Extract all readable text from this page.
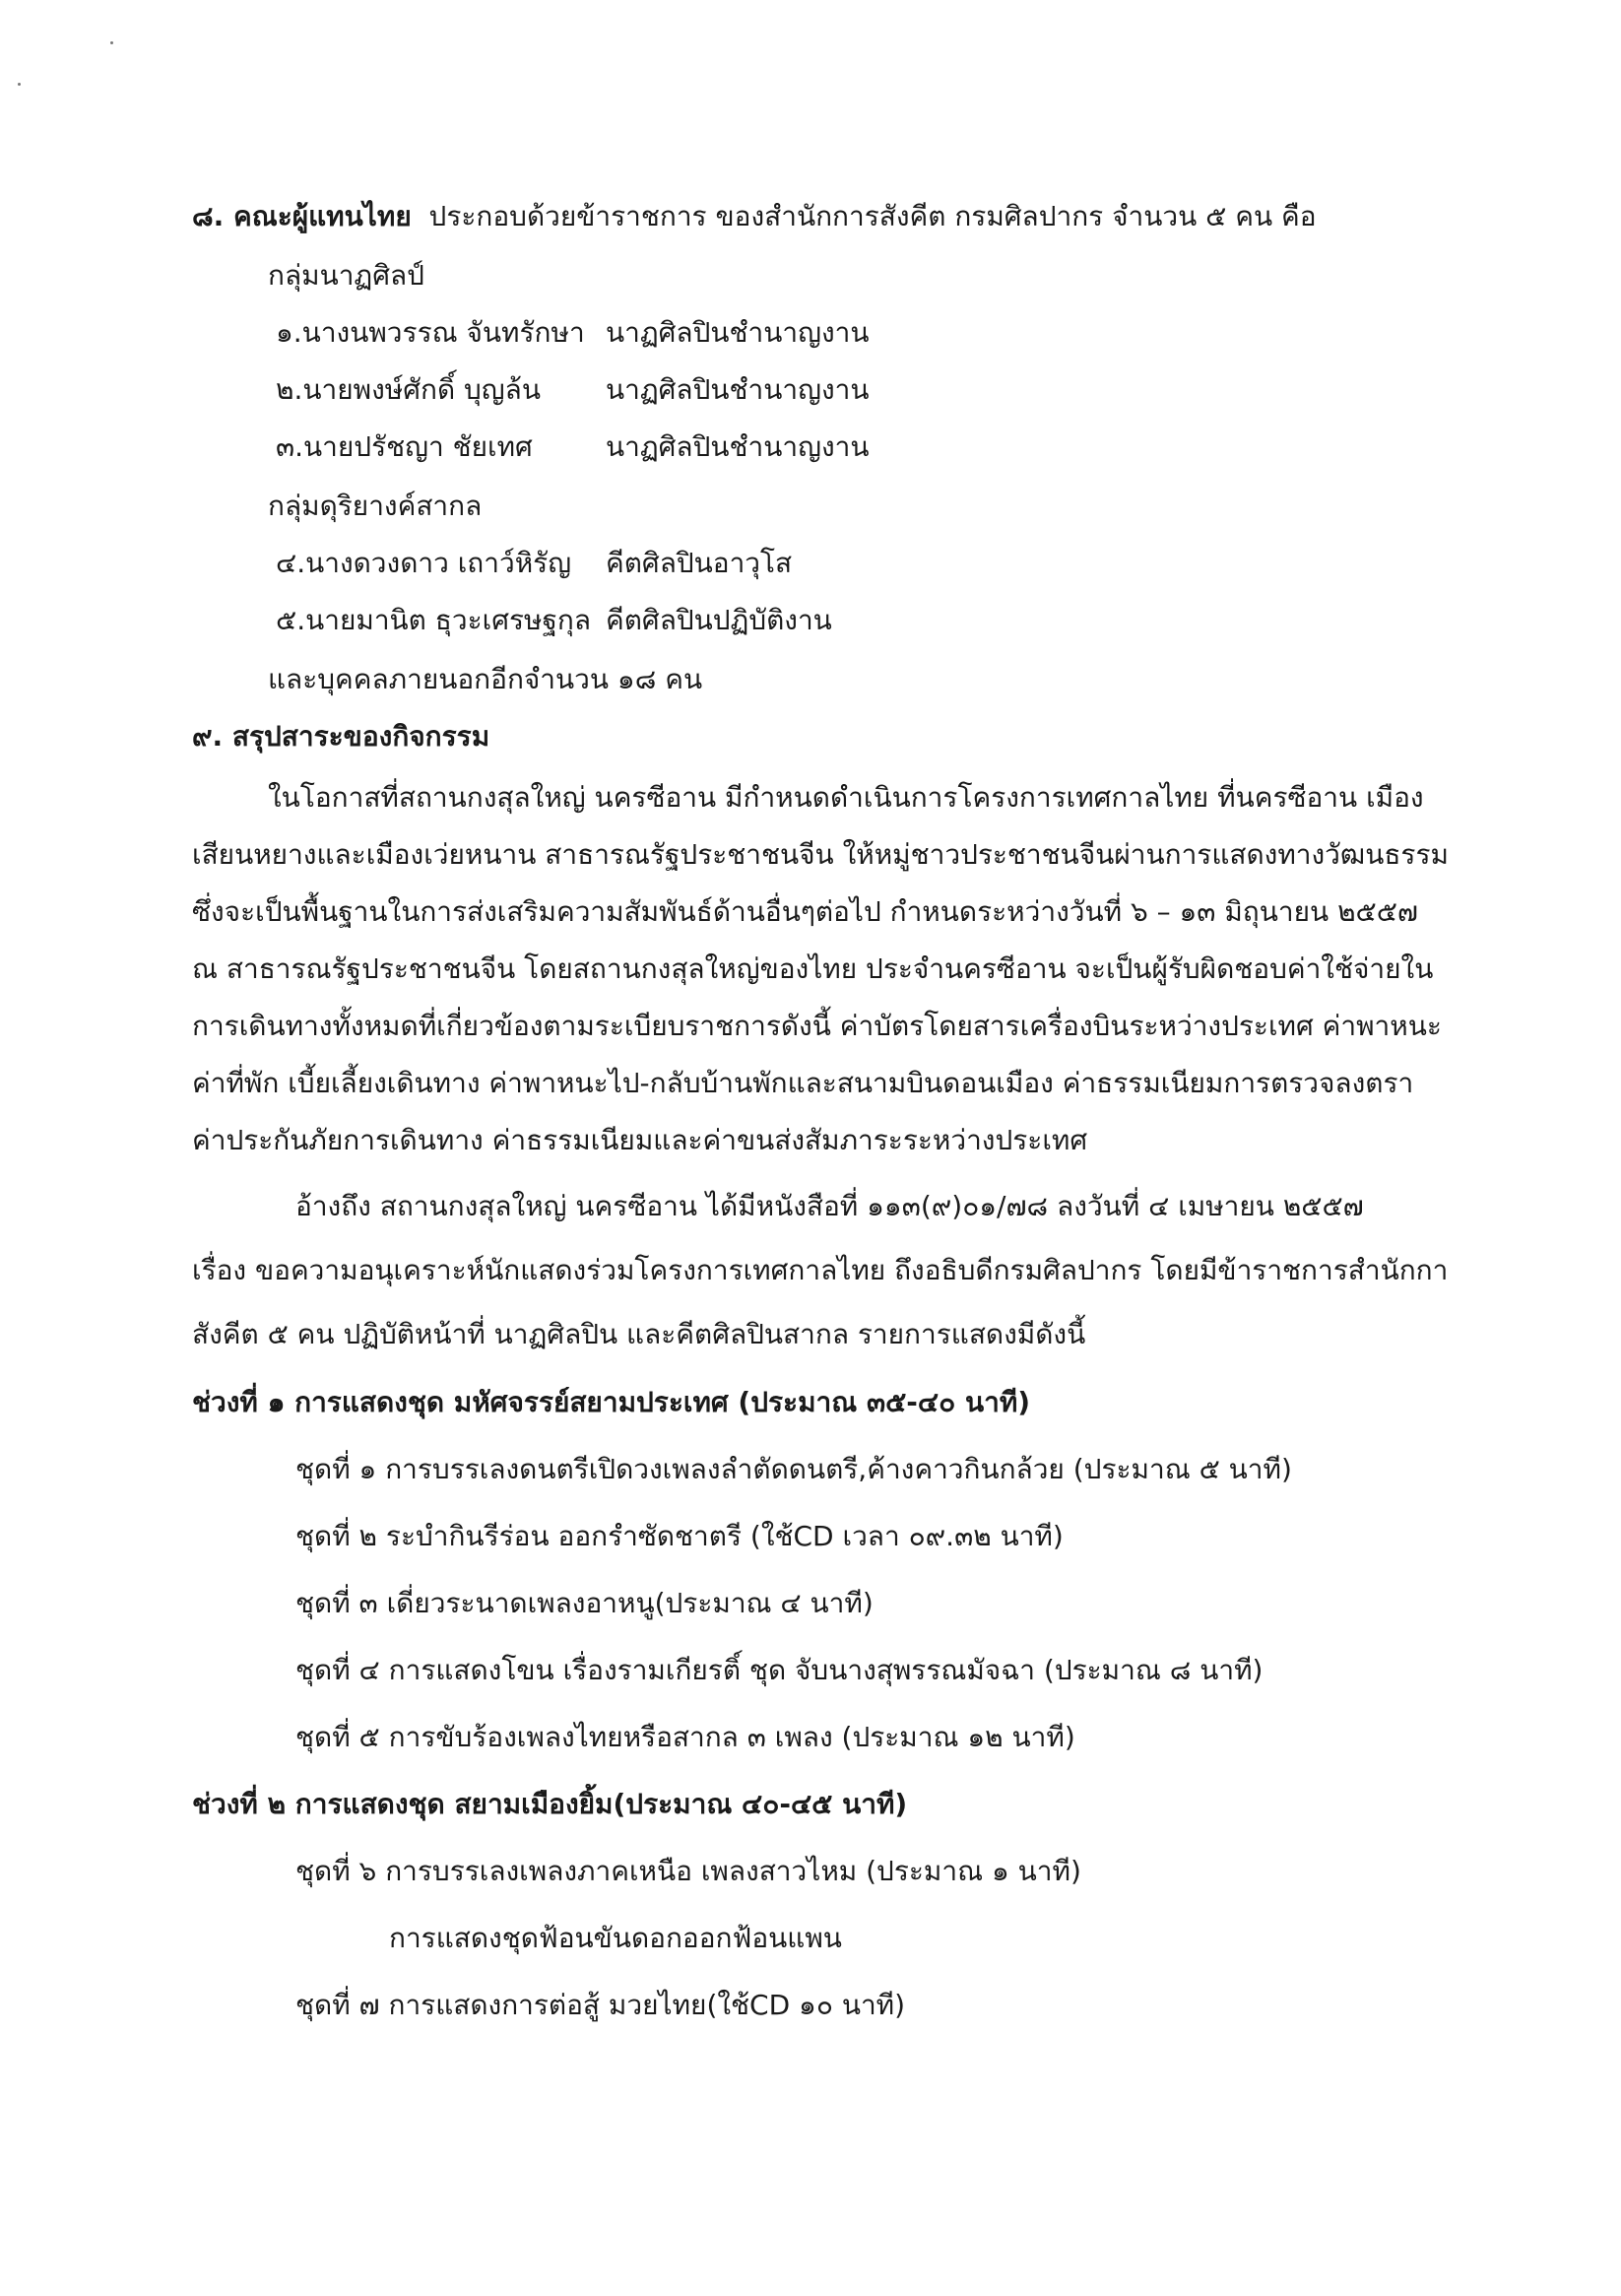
๘. คณะผู้แทนไทย ประกอบด้วยข้าราชการ ของสำนักการสังคีต กรมศิลปากร จำนวน ๕ คน คือ
กลุ่มนาฏศิลป์
๑.นางนพวรรณ จันทรักษา นาฏศิลปินชำนาญงาน
๒.นายพงษ์ศักดิ์ บุญล้น นาฏศิลปินชำนาญงาน
๓.นายปรัชญา ชัยเทศ	นาฏศิลปินชำนาญงาน
กลุ่มดุริยางค์สากล
๔.นางดวงดาว เถาว์หิรัญ คีตศิลปินอาวุโส
๕.นายมานิต ธุวะเศรษฐกุล คีตศิลปินปฏิบัติงาน
และบุคคลภายนอกอีกจำนวน ๑๘ คน
๙. สรุปสาระของกิจกรรม
ในโอกาสที่สถานกงสุลใหญ่ นครซีอาน มีกำหนดดำเนินการโครงการเทศกาลไทย ที่นครซีอาน เมือง
เสียนหยางและเมืองเว่ยหนาน สาธารณรัฐประชาชนจีน ให้หมู่ชาวประชาชนจีนผ่านการแสดงทางวัฒนธรรม
ซึ่งจะเป็นพื้นฐานในการส่งเสริมความสัมพันธ์ด้านอื่นๆต่อไป กำหนดระหว่างวันที่ ๖ – ๑๓ มิถุนายน ๒๕๕๗
ณ สาธารณรัฐประชาชนจีน โดยสถานกงสุลใหญ่ของไทย ประจำนครซีอาน จะเป็นผู้รับผิดชอบค่าใช้จ่ายใน
การเดินทางทั้งหมดที่เกี่ยวข้องตามระเบียบราชการดังนี้ ค่าบัตรโดยสารเครื่องบินระหว่างประเทศ ค่าพาหนะ
ค่าที่พัก เบี้ยเลี้ยงเดินทาง ค่าพาหนะไป-กลับบ้านพักและสนามบินดอนเมือง ค่าธรรมเนียมการตรวจลงตรา
ค่าประกันภัยการเดินทาง ค่าธรรมเนียมและค่าขนส่งสัมภาระระหว่างประเทศ
อ้างถึง สถานกงสุลใหญ่ นครซีอาน ได้มีหนังสือที่ ๑๑๓(๙)๐๑/๗๘ ลงวันที่ ๔ เมษายน ๒๕๕๗
เรื่อง ขอความอนุเคราะห์นักแสดงร่วมโครงการเทศกาลไทย ถึงอธิบดีกรมศิลปากร โดยมีข้าราชการสำนักกา
สังคีต ๕ คน ปฏิบัติหน้าที่ นาฏศิลปิน และคีตศิลปินสากล รายการแสดงมีดังนี้
ช่วงที่ ๑ การแสดงชุด มหัศจรรย์สยามประเทศ (ประมาณ ๓๕-๔๐ นาที)
ชุดที่ ๑ การบรรเลงดนตรีเปิดวงเพลงลำตัดดนตรี,ค้างคาวกินกล้วย (ประมาณ ๕ นาที)
ชุดที่ ๒ ระบำกินรีร่อน ออกรำซัดชาตรี (ใช้CD เวลา ๐๙.๓๒ นาที)
ชุดที่ ๓ เดี่ยวระนาดเพลงอาหนู(ประมาณ ๔ นาที)
ชุดที่ ๔ การแสดงโขน เรื่องรามเกียรติ์ ชุด จับนางสุพรรณมัจฉา (ประมาณ ๘ นาที)
ชุดที่ ๕ การขับร้องเพลงไทยหรือสากล ๓ เพลง (ประมาณ ๑๒ นาที)
ช่วงที่ ๒ การแสดงชุด สยามเมืองยิ้ม(ประมาณ ๔๐-๔๕ นาที)
ชุดที่ ๖ การบรรเลงเพลงภาคเหนือ เพลงสาวไหม (ประมาณ ๑ นาที)
การแสดงชุดฟ้อนขันดอกออกฟ้อนแพน
ชุดที่ ๗ การแสดงการต่อสู้ มวยไทย(ใช้CD ๑๐ นาที)
